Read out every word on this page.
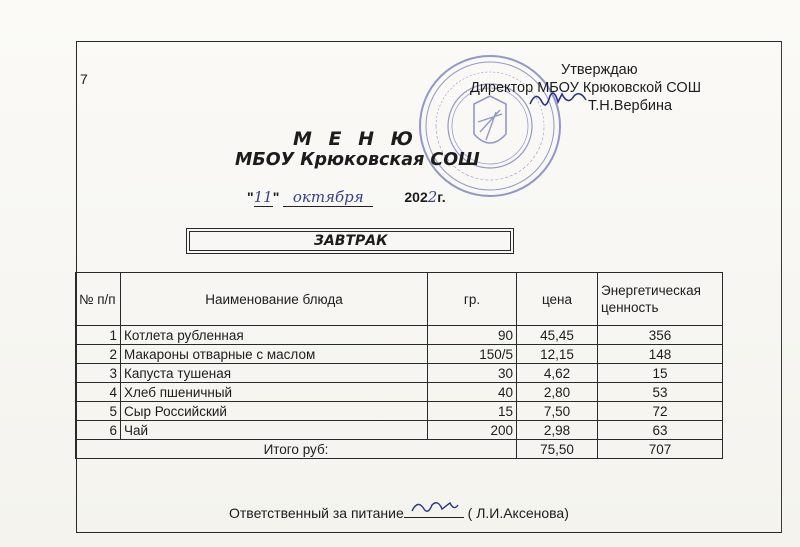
7
Утверждаю
Директор МБОУ Крюковской СОШ
Т.Н.Вербина
М Е Н Ю
МБОУ Крюковская СОШ
"11" октября	2022г.
ЗАВТРАК
№ п/п	Наименование блюда	гр.	цена	Энергетическая ценность
1	Котлета рубленная	90	45,45	356
2	Макароны отварные с маслом	150/5	12,15	148
3	Капуста тушеная	30	4,62	15
4	Хлеб пшеничный	40	2,80	53
5	Сыр Российский	15	7,50	72
6	Чай	200	2,98	63
Итого руб:			75,50	707
Ответственный за питание	( Л.И.Аксенова)
